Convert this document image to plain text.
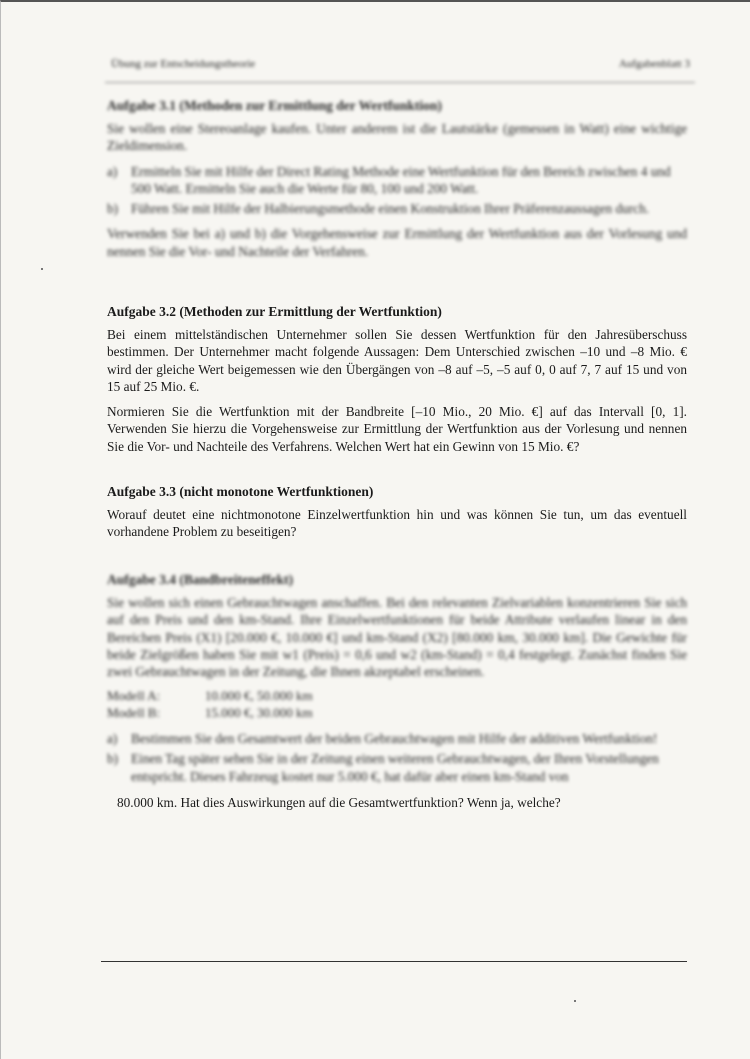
Übung zur Entscheidungstheorie	Aufgabenblatt 3
Aufgabe 3.1 (Methoden zur Ermittlung der Wertfunktion)

Sie wollen eine Stereoanlage kaufen. Unter anderem ist die Lautstärke (gemessen in Watt) eine wichtige Zieldimension.

a)	Ermitteln Sie mit Hilfe der Direct Rating Methode eine Wertfunktion für den Bereich zwischen 4 und 500 Watt. Ermitteln Sie auch die Werte für 80, 100 und 200 Watt.
b) Führen Sie mit Hilfe der Halbierungsmethode einen Konstruktion Ihrer Präferenzaussagen durch.

Verwenden Sie bei a) und b) die Vorgehensweise zur Ermittlung der Wertfunktion aus der Vorlesung und nennen Sie die Vor- und Nachteile der Verfahren.

Aufgabe 3.2 (Methoden zur Ermittlung der Wertfunktion)

Bei einem mittelständischen Unternehmer sollen Sie dessen Wertfunktion für den Jahresüberschuss bestimmen. Der Unternehmer macht folgende Aussagen: Dem Unterschied zwischen –10 und –8 Mio. € wird der gleiche Wert beigemessen wie den Übergängen von –8 auf –5, –5 auf 0, 0 auf 7, 7 auf 15 und von 15 auf 25 Mio. €.

Normieren Sie die Wertfunktion mit der Bandbreite [–10 Mio., 20 Mio. €] auf das Intervall [0, 1]. Verwenden Sie hierzu die Vorgehensweise zur Ermittlung der Wertfunktion aus der Vorlesung und nennen Sie die Vor- und Nachteile des Verfahrens. Welchen Wert hat ein Gewinn von 15 Mio. €?

Aufgabe 3.3 (nicht monotone Wertfunktionen)

Worauf deutet eine nichtmonotone Einzelwertfunktion hin und was können Sie tun, um das eventuell vorhandene Problem zu beseitigen?

Aufgabe 3.4 (Bandbreiteneffekt)

Sie wollen sich einen Gebrauchtwagen anschaffen. Bei den relevanten Zielvariablen konzentrieren Sie sich auf den Preis und den km-Stand. Ihre Einzelwertfunktionen für beide Attribute verlaufen linear in den Bereichen Preis (X1) [20.000 €, 10.000 €] und km-Stand (X2) [80.000 km, 30.000 km]. Die Gewichte für beide Zielgrößen haben Sie mit w1 (Preis) = 0,6 und w2 (km-Stand) = 0,4 festgelegt. Zunächst finden Sie zwei Gebrauchtwagen in der Zeitung, die Ihnen akzeptabel erscheinen.

Modell A:	10.000 €, 50.000 km
Modell B:	15.000 €, 30.000 km
a)	Bestimmen Sie den Gesamtwert der beiden Gebrauchtwagen mit Hilfe der additiven Wertfunktion!
b) Einen Tag später sehen Sie in der Zeitung einen weiteren Gebrauchtwagen, der Ihren Vorstellungen entspricht. Dieses Fahrzeug kostet nur 5.000 €, hat dafür aber einen km-Stand von

80.000 km. Hat dies Auswirkungen auf die Gesamtwertfunktion? Wenn ja, welche?
